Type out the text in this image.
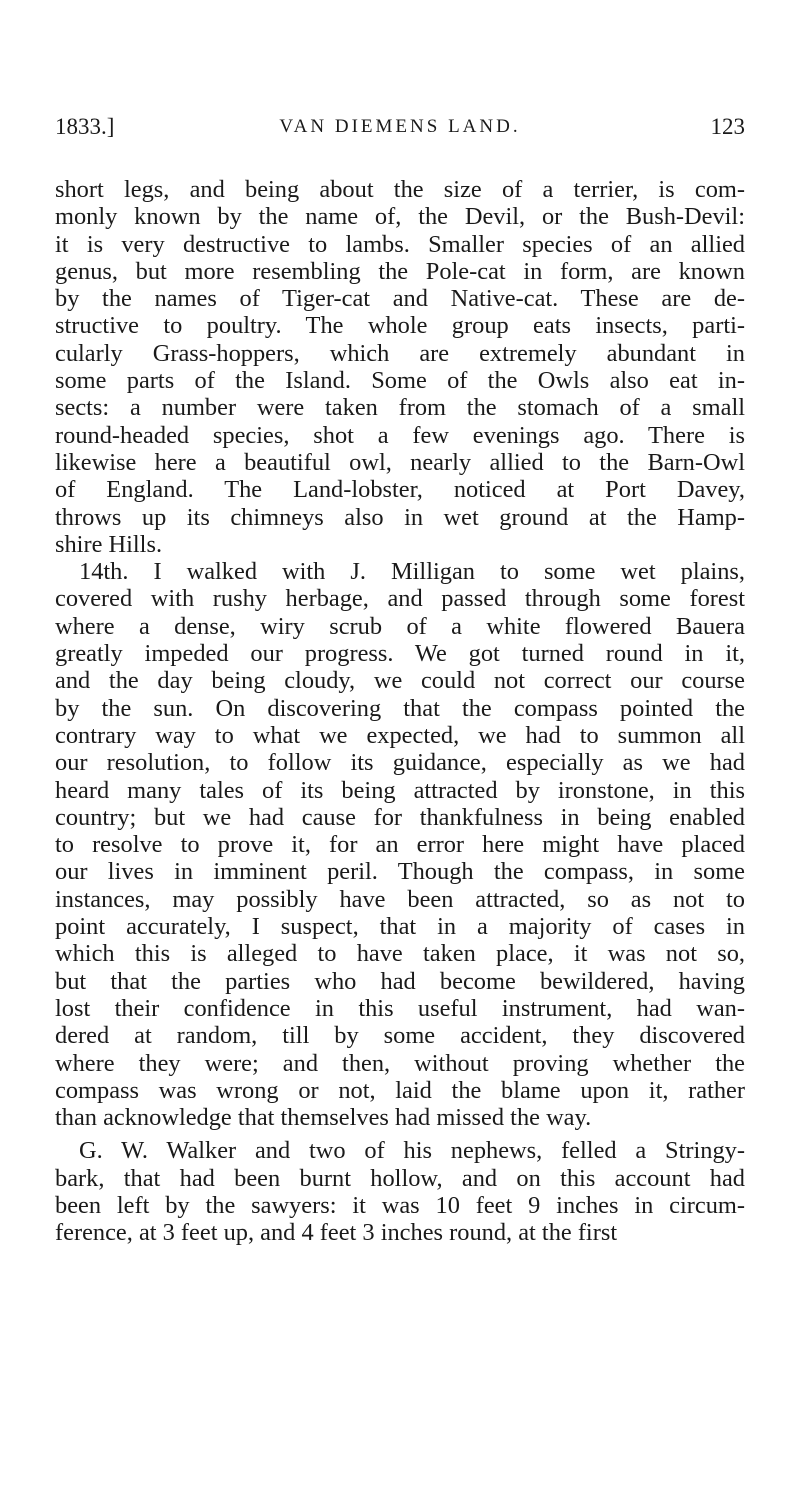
1833.]	VAN DIEMENS LAND.	123
short legs, and being about the size of a terrier, is com-
monly known by the name of, the Devil, or the Bush-Devil:
it is very destructive to lambs. Smaller species of an allied
genus, but more resembling the Pole-cat in form, are known
by the names of Tiger-cat and Native-cat. These are de-
structive to poultry. The whole group eats insects, parti-
cularly Grass-hoppers, which are extremely abundant in
some parts of the Island. Some of the Owls also eat in-
sects: a number were taken from the stomach of a small
round-headed species, shot a few evenings ago. There is
likewise here a beautiful owl, nearly allied to the Barn-Owl
of England. The Land-lobster, noticed at Port Davey,
throws up its chimneys also in wet ground at the Hamp-
shire Hills.
14th. I walked with J. Milligan to some wet plains,
covered with rushy herbage, and passed through some forest
where a dense, wiry scrub of a white flowered Bauera
greatly impeded our progress. We got turned round in it,
and the day being cloudy, we could not correct our course
by the sun. On discovering that the compass pointed the
contrary way to what we expected, we had to summon all
our resolution, to follow its guidance, especially as we had
heard many tales of its being attracted by ironstone, in this
country; but we had cause for thankfulness in being enabled
to resolve to prove it, for an error here might have placed
our lives in imminent peril. Though the compass, in some
instances, may possibly have been attracted, so as not to
point accurately, I suspect, that in a majority of cases in
which this is alleged to have taken place, it was not so,
but that the parties who had become bewildered, having
lost their confidence in this useful instrument, had wan-
dered at random, till by some accident, they discovered
where they were; and then, without proving whether the
compass was wrong or not, laid the blame upon it, rather
than acknowledge that themselves had missed the way.
G. W. Walker and two of his nephews, felled a Stringy-
bark, that had been burnt hollow, and on this account had
been left by the sawyers: it was 10 feet 9 inches in circum-
ference, at 3 feet up, and 4 feet 3 inches round, at the first
